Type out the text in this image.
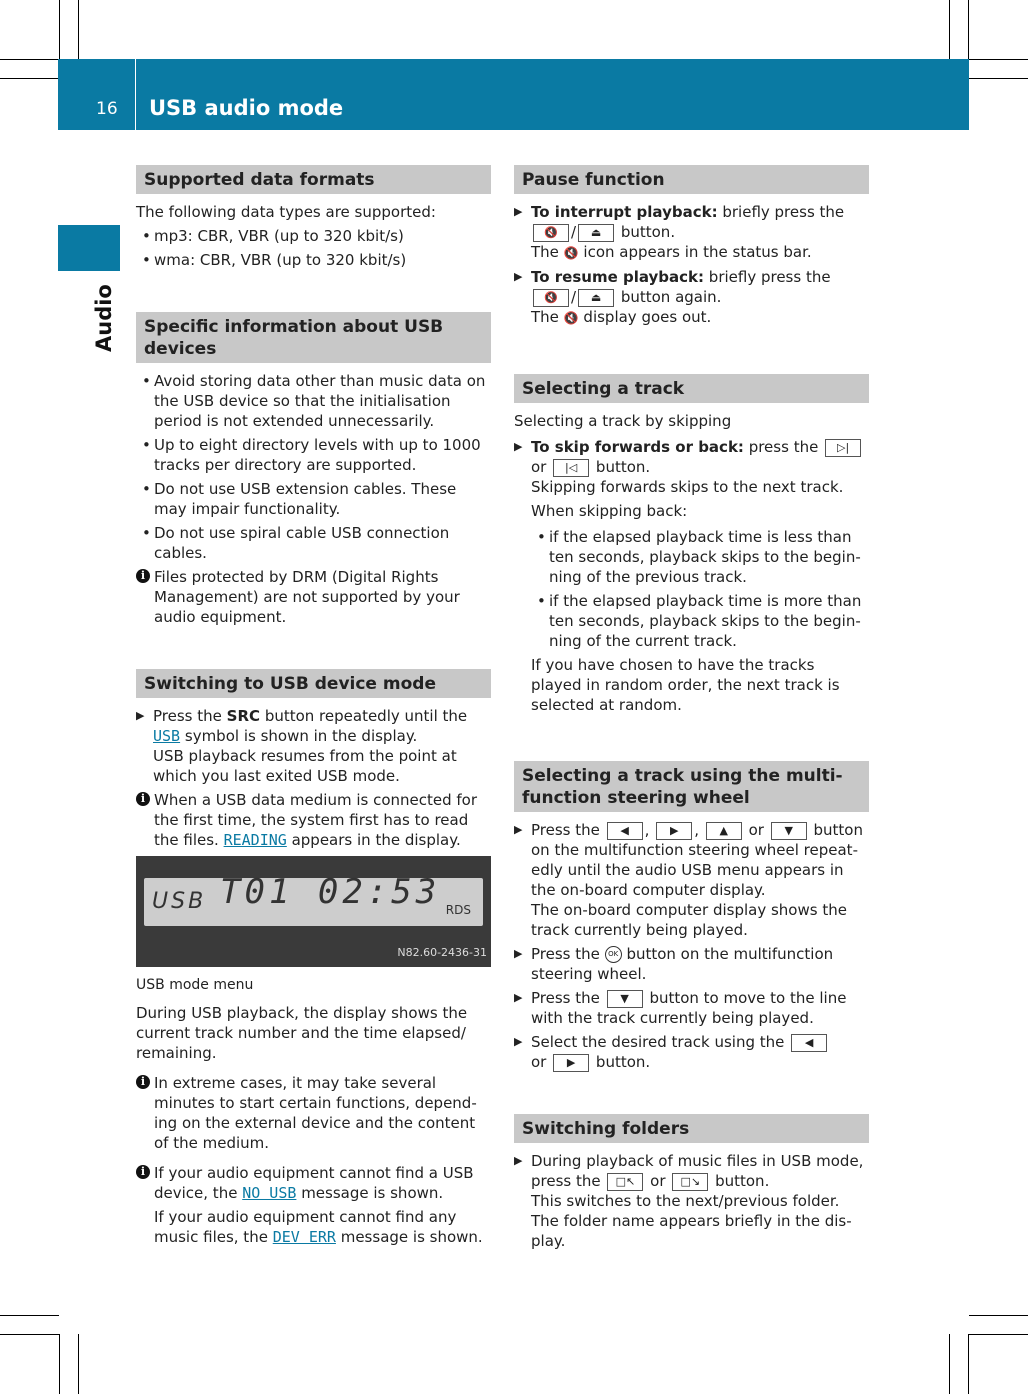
16 USB audio mode
Audio
Supported data formats

The following data types are supported:

• mp3: CBR, VBR (up to 320 kbit/s)
• wma: CBR, VBR (up to 320 kbit/s)
Specific information about USB devices
• Avoid storing data other than music data on the USB device so that the initialisation period is not extended unnecessarily.
• Up to eight directory levels with up to 1000 tracks per directory are supported.
• Do not use USB extension cables. These may impair functionality.
• Do not use spiral cable USB connection cables.
i Files protected by DRM (Digital Rights Management) are not supported by your audio equipment.
Switching to USB device mode
▶ Press the SRC button repeatedly until the USB symbol is shown in the display.
USB playback resumes from the point at which you last exited USB mode.
i When a USB data medium is connected for the first time, the system first has to read the files. READING appears in the display.
USB T01 02:53 RDS
N82.60-2436-31
USB mode menu

During USB playback, the display shows the current track number and the time elapsed/ remaining.

i In extreme cases, it may take several minutes to start certain functions, depending on the external device and the content of the medium.
i If your audio equipment cannot find a USB device, the NO USB message is shown.
If your audio equipment cannot find any music files, the DEV ERR message is shown.
Pause function
▶ To interrupt playback: briefly press the
🔇 / ⏏ button.
The 🔇 icon appears in the status bar.
▶ To resume playback: briefly press the
🔇 / ⏏ button again.
The 🔇 display goes out.
Selecting a track

Selecting a track by skipping

▶ To skip forwards or back: press the ▷|
or |◁ button.
Skipping forwards skips to the next track.
When skipping back:
• if the elapsed playback time is less than ten seconds, playback skips to the beginning of the previous track.
• if the elapsed playback time is more than ten seconds, playback skips to the beginning of the current track.
If you have chosen to have the tracks played in random order, the next track is selected at random.
Selecting a track using the multifunction steering wheel
▶ Press the ◀ , ▶ , ▲ or ▼ button on the multifunction steering wheel repeatedly until the audio USB menu appears in the on-board computer display.
The on-board computer display shows the track currently being played.
▶ Press the OK button on the multifunction steering wheel.
▶ Press the ▼ button to move to the line with the track currently being played.
▶ Select the desired track using the ◀
or ▶ button.
Switching folders
▶ During playback of music files in USB mode, press the □↖ or □↘ button.
This switches to the next/previous folder. The folder name appears briefly in the display.
